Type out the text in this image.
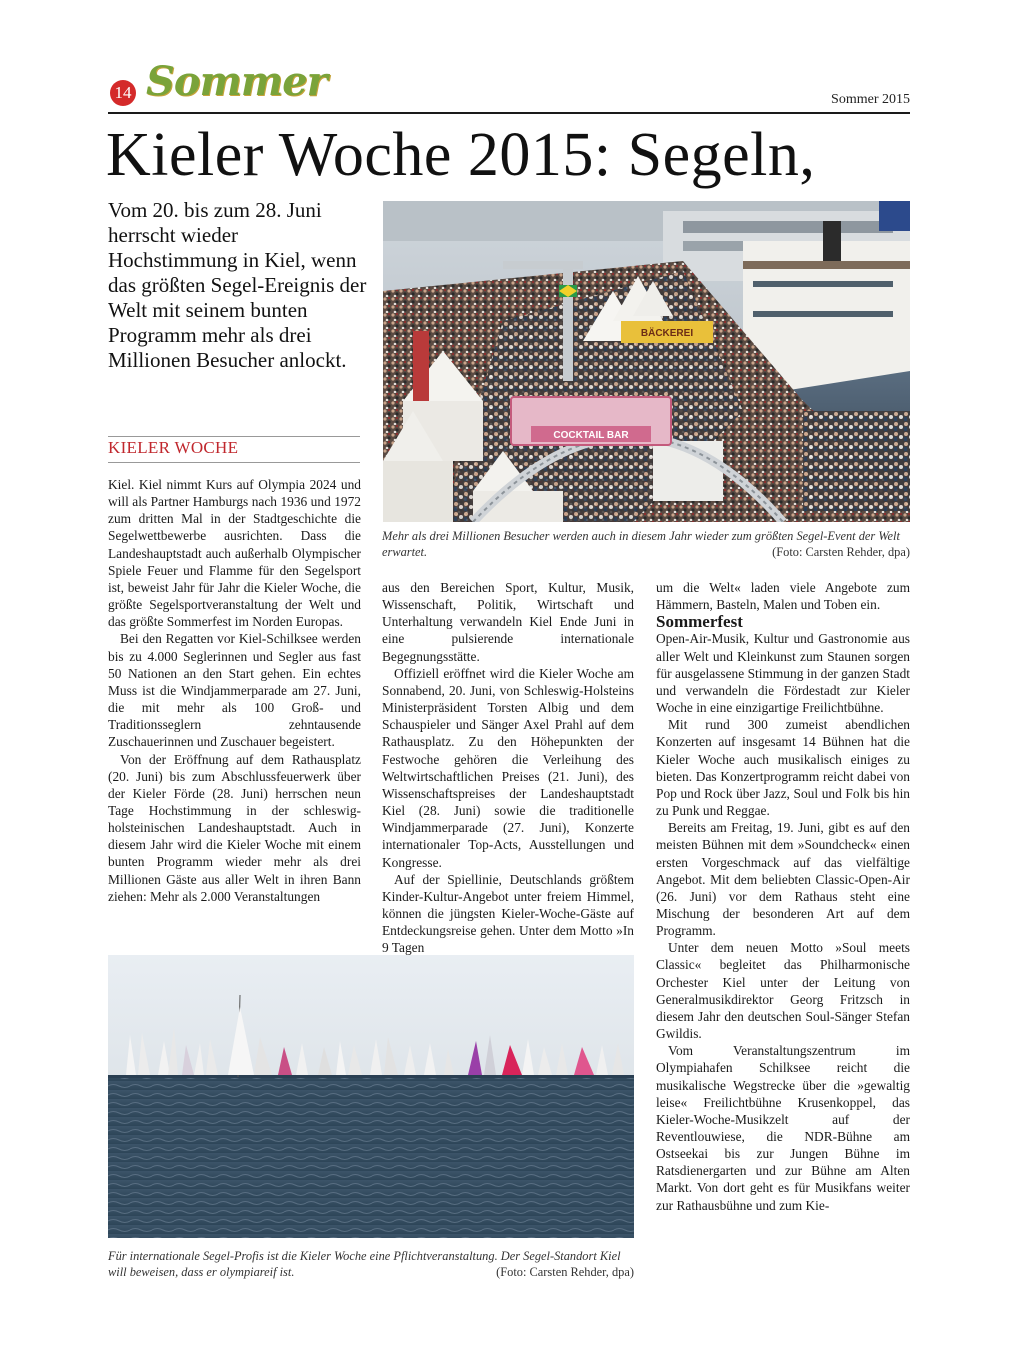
14 Sommer	Sommer 2015
Kieler Woche 2015: Segeln,
Vom 20. bis zum 28. Juni herrscht wieder Hochstimmung in Kiel, wenn das größten Segel-Ereignis der Welt mit seinem bunten Programm mehr als drei Millionen Besucher anlockt.
KIELER WOCHE
COCKTAIL BAR
BÄCKEREI
Mehr als drei Millionen Besucher werden auch in diesem Jahr wieder zum größten Segel-Event der Welt erwartet.	(Foto: Carsten Rehder, dpa)

Kiel. Kiel nimmt Kurs auf Olympia 2024 und will als Partner Hamburgs nach 1936 und 1972 zum dritten Mal in der Stadtgeschichte die Segelwettbewerbe ausrichten. Dass die Landeshauptstadt auch außerhalb Olympischer Spiele Feuer und Flamme für den Segelsport ist, beweist Jahr für Jahr die Kieler Woche, die größte Segelsportveranstaltung der Welt und das größte Sommerfest im Norden Europas.

Bei den Regatten vor Kiel-Schilksee werden bis zu 4.000 Seglerinnen und Segler aus fast 50 Nationen an den Start gehen. Ein echtes Muss ist die Windjammerparade am 27. Juni, die mit mehr als 100 Groß- und Traditionsseglern zehntausende Zuschauerinnen und Zuschauer begeistert.

Von der Eröffnung auf dem Rathausplatz (20. Juni) bis zum Abschlussfeuerwerk über der Kieler Förde (28. Juni) herrschen neun Tage Hochstimmung in der schleswig-holsteinischen Landeshauptstadt. Auch in diesem Jahr wird die Kieler Woche mit einem bunten Programm wieder mehr als drei Millionen Gäste aus aller Welt in ihren Bann ziehen: Mehr als 2.000 Veranstaltungen

aus den Bereichen Sport, Kultur, Musik, Wissenschaft, Politik, Wirtschaft und Unterhaltung verwandeln Kiel Ende Juni in eine pulsierende internationale Begegnungsstätte.

Offiziell eröffnet wird die Kieler Woche am Sonnabend, 20. Juni, von Schleswig-Holsteins Ministerpräsident Torsten Albig und dem Schauspieler und Sänger Axel Prahl auf dem Rathausplatz. Zu den Höhepunkten der Festwoche gehören die Verleihung des Weltwirtschaftlichen Preises (21. Juni), des Wissenschaftspreises der Landeshauptstadt Kiel (28. Juni) sowie die traditionelle Windjammerparade (27. Juni), Konzerte internationaler Top-Acts, Ausstellungen und Kongresse.

Auf der Spiellinie, Deutschlands größtem Kinder-Kultur-Angebot unter freiem Himmel, können die jüngsten Kieler-Woche-Gäste auf Entdeckungsreise gehen. Unter dem Motto »In 9 Tagen

um die Welt« laden viele Angebote zum Hämmern, Basteln, Malen und Toben ein.

Sommerfest

Open-Air-Musik, Kultur und Gastronomie aus aller Welt und Kleinkunst zum Staunen sorgen für ausgelassene Stimmung in der ganzen Stadt und verwandeln die Fördestadt zur Kieler Woche in eine einzigartige Freilichtbühne.

Mit rund 300 zumeist abendlichen Konzerten auf insgesamt 14 Bühnen hat die Kieler Woche auch musikalisch einiges zu bieten. Das Konzertprogramm reicht dabei von Pop und Rock über Jazz, Soul und Folk bis hin zu Punk und Reggae.

Bereits am Freitag, 19. Juni, gibt es auf den meisten Bühnen mit dem »Soundcheck« einen ersten Vorgeschmack auf das vielfältige Angebot. Mit dem beliebten Classic-Open-Air (26. Juni) vor dem Rathaus steht eine Mischung der besonderen Art auf dem Programm.

Unter dem neuen Motto »Soul meets Classic« begleitet das Philharmonische Orchester Kiel unter der Leitung von Generalmusikdirektor Georg Fritzsch in diesem Jahr den deutschen Soul-Sänger Stefan Gwildis.

Vom Veranstaltungszentrum im Olympiahafen Schilksee reicht die musikalische Wegstrecke über die »gewaltig leise« Freilichtbühne Krusenkoppel, das Kieler-Woche-Musikzelt auf der Reventlouwiese, die NDR-Bühne am Ostseekai bis zur Jungen Bühne im Ratsdienergarten und zur Bühne am Alten Markt. Von dort geht es für Musikfans weiter zur Rathausbühne und zum Kie-

Für internationale Segel-Profis ist die Kieler Woche eine Pflichtveranstaltung. Der Segel-Standort Kiel will beweisen, dass er olympiareif ist.	(Foto: Carsten Rehder, dpa)
